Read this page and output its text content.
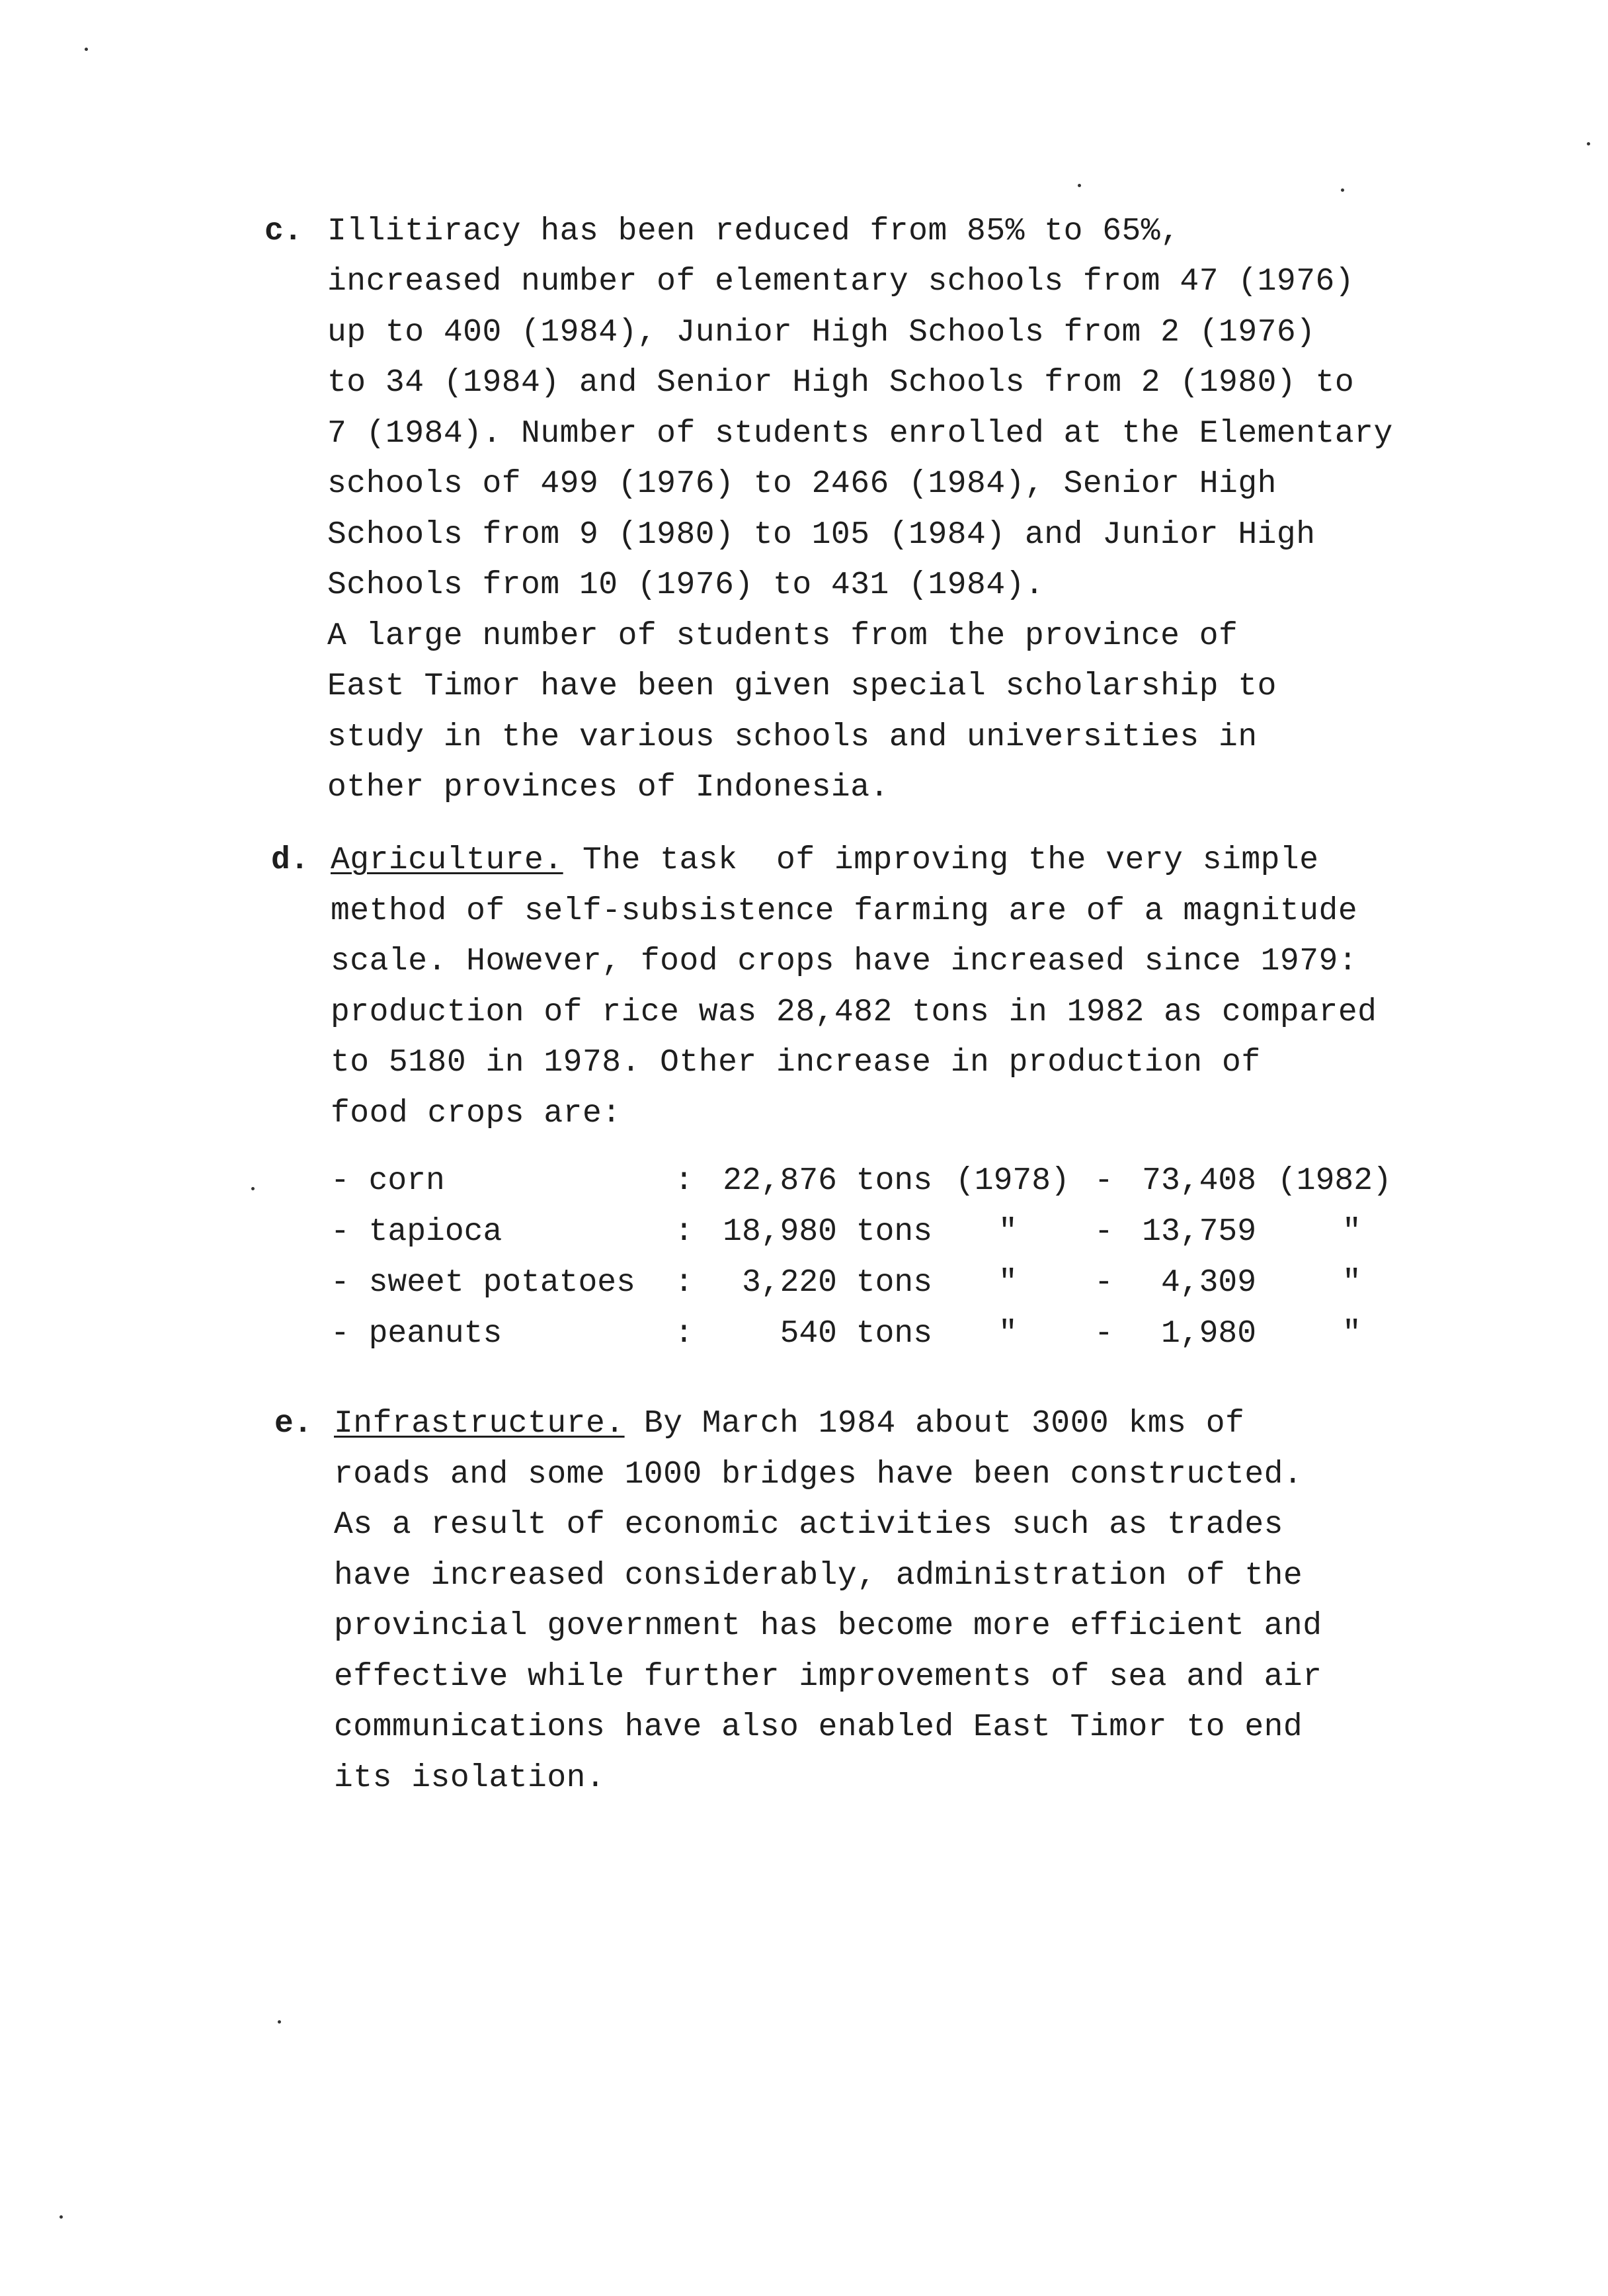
c. Illitiracy has been reduced from 85% to 65%,
increased number of elementary schools from 47 (1976)
up to 400 (1984), Junior High Schools from 2 (1976)
to 34 (1984) and Senior High Schools from 2 (1980) to
7 (1984). Number of students enrolled at the Elementary
schools of 499 (1976) to 2466 (1984), Senior High
Schools from 9 (1980) to 105 (1984) and Junior High
Schools from 10 (1976) to 431 (1984).
A large number of students from the province of
East Timor have been given special scholarship to
study in the various schools and universities in
other provinces of Indonesia.
d. Agriculture. The task  of improving the very simple
method of self-subsistence farming are of a magnitude
scale. However, food crops have increased since 1979:
production of rice was 28,482 tons in 1982 as compared
to 5180 in 1978. Other increase in production of
food crops are:
- corn	: 22,876 tons (1978) - 73,408 (1982)
- tapioca	: 18,980 tons " - 13,759	"
- sweet potatoes :	3,220 tons " -	4,309	"
- peanuts	:	540 tons " -	1,980	"
e. Infrastructure. By March 1984 about 3000 kms of
roads and some 1000 bridges have been constructed.
As a result of economic activities such as trades
have increased considerably, administration of the
provincial government has become more efficient and
effective while further improvements of sea and air
communications have also enabled East Timor to end
its isolation.
